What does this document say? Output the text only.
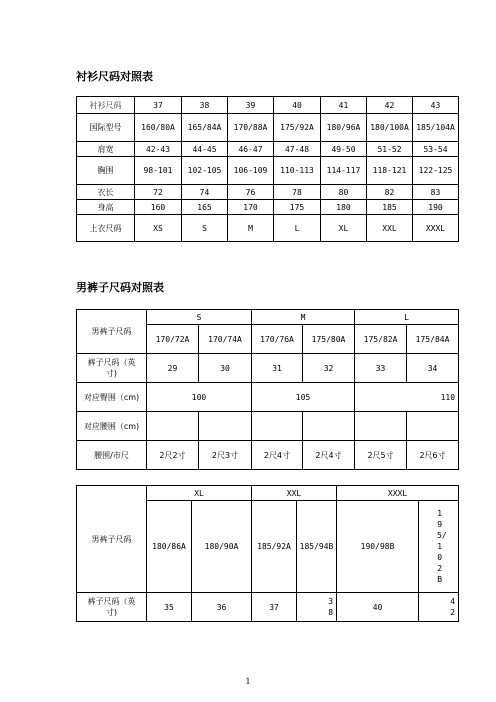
衬衫尺码对照表
衬衫尺码	37	38	39	40	41	42	43
国际型号	160/80A	165/84A	170/88A	175/92A	180/96A	180/100A	185/104A
肩宽	42-43	44-45	46-47	47-48	49-50	51-52	53-54
胸围	98-101	102-105	106-109	110-113	114-117	118-121	122-125
衣长	72	74	76	78	80	82	83
身高	160	165	170	175	180	185	190
上衣尺码	XS	S	M	L	XL	XXL	XXXL
男裤子尺码对照表
男裤子尺码	S		M		L	
	170/72A	170/74A	170/76A	175/80A	175/82A	175/84A
裤子尺码（英寸)	29	30	31	32	33	34
对应臀围（cm)	100		105		110	
对应腰围（cm)						
腰围/市尺	2尺2寸	2尺3寸	2尺4寸	2尺4寸	2尺5寸	2尺6寸
男裤子尺码	XL		XXL		XXXL	
	180/86A	180/90A	185/92A	185/94B	190/98B	195/102B
裤子尺码（英寸)	35	36	37	38	40	42
1
